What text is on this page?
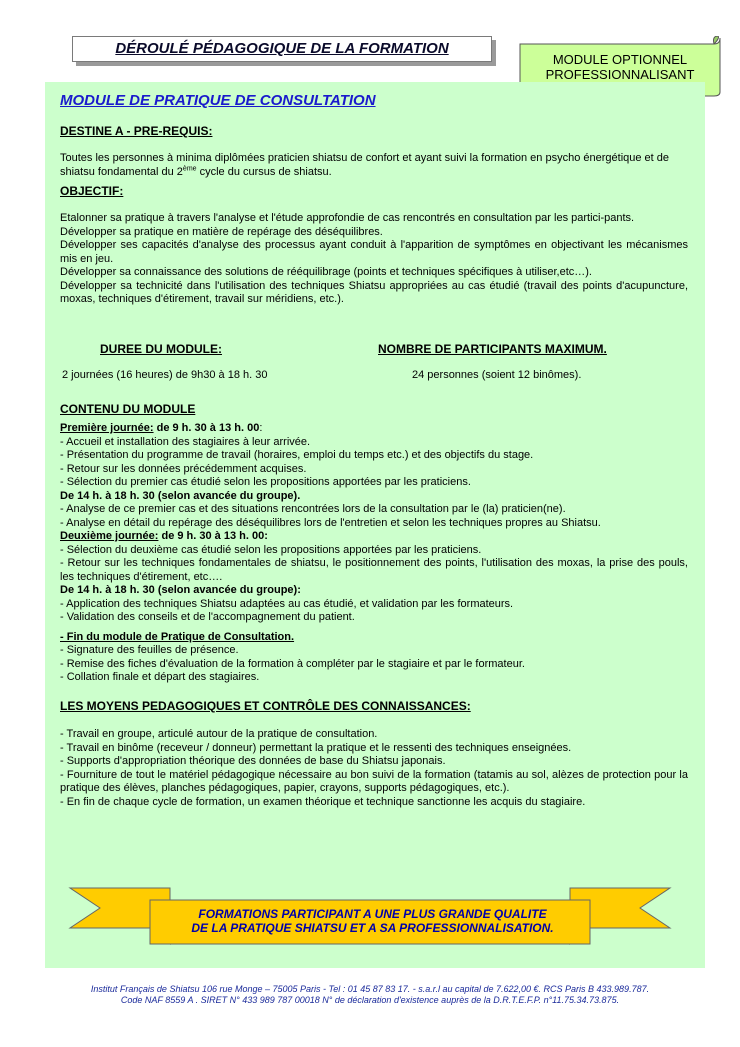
DÉROULÉ PÉDAGOGIQUE DE LA FORMATION
MODULE OPTIONNEL
PROFESSIONNALISANT
MODULE DE PRATIQUE DE CONSULTATION
DESTINE A - PRE-REQUIS:
Toutes les personnes à minima diplômées praticien shiatsu de confort et ayant suivi la formation en psycho énergétique et de shiatsu fondamental du 2ème cycle du cursus de shiatsu.
OBJECTIF:
Etalonner sa pratique à travers l'analyse et l'étude approfondie de cas rencontrés en consultation par les partici-pants.
Développer sa pratique en matière de repérage des déséquilibres.
Développer ses capacités d'analyse des processus ayant conduit à l'apparition de symptômes en objectivant les mécanismes mis en jeu.
Développer sa connaissance des solutions de rééquilibrage (points et techniques spécifiques à utiliser,etc…).
Développer sa technicité dans l'utilisation des techniques Shiatsu appropriées au cas étudié (travail des points d'acupuncture, moxas, techniques d'étirement, travail sur méridiens, etc.).
DUREE DU MODULE:	NOMBRE DE PARTICIPANTS MAXIMUM.
2 journées (16 heures) de 9h30 à 18 h. 30	24 personnes (soient 12 binômes).
CONTENU DU MODULE
Première journée: de 9 h. 30 à 13 h. 00:
- Accueil et installation des stagiaires à leur arrivée.
- Présentation du programme de travail (horaires, emploi du temps etc.) et des objectifs du stage.
- Retour sur les données précédemment acquises.
- Sélection du premier cas étudié selon les propositions apportées par les praticiens.
De 14 h. à 18 h. 30 (selon avancée du groupe).
- Analyse de ce premier cas et des situations rencontrées lors de la consultation par le (la) praticien(ne).
- Analyse en détail du repérage des déséquilibres lors de l'entretien et selon les techniques propres au Shiatsu.
Deuxième journée: de 9 h. 30 à 13 h. 00:
- Sélection du deuxième cas étudié selon les propositions apportées par les praticiens.
- Retour sur les techniques fondamentales de shiatsu, le positionnement des points, l'utilisation des moxas, la prise des pouls, les techniques d'étirement, etc….
De 14 h. à 18 h. 30 (selon avancée du groupe):
- Application des techniques Shiatsu adaptées au cas étudié, et validation par les formateurs.
- Validation des conseils et de l'accompagnement du patient.
- Fin du module de Pratique de Consultation.
- Signature des feuilles de présence.
- Remise des fiches d'évaluation de la formation à compléter par le stagiaire et par le formateur.
- Collation finale et départ des stagiaires.
LES MOYENS PEDAGOGIQUES ET CONTRÔLE DES CONNAISSANCES:
- Travail en groupe, articulé autour de la pratique de consultation.
- Travail en binôme (receveur / donneur) permettant la pratique et le ressenti des techniques enseignées.
- Supports d'appropriation théorique des données de base du Shiatsu japonais.
- Fourniture de tout le matériel pédagogique nécessaire au bon suivi de la formation (tatamis au sol, alèzes de protection pour la pratique des élèves, planches pédagogiques, papier, crayons, supports pédagogiques, etc.).
- En fin de chaque cycle de formation, un examen théorique et technique sanctionne les acquis du stagiaire.
FORMATIONS PARTICIPANT A UNE PLUS GRANDE QUALITE
DE LA PRATIQUE SHIATSU ET A SA PROFESSIONNALISATION.
Institut Français de Shiatsu 106 rue Monge – 75005 Paris - Tel : 01 45 87 83 17. - s.a.r.l au capital de 7.622,00 €. RCS Paris B 433.989.787.
Code NAF 8559 A . SIRET N° 433 989 787 00018 N° de déclaration d'existence auprès de la D.R.T.E.F.P. n°11.75.34.73.875.
